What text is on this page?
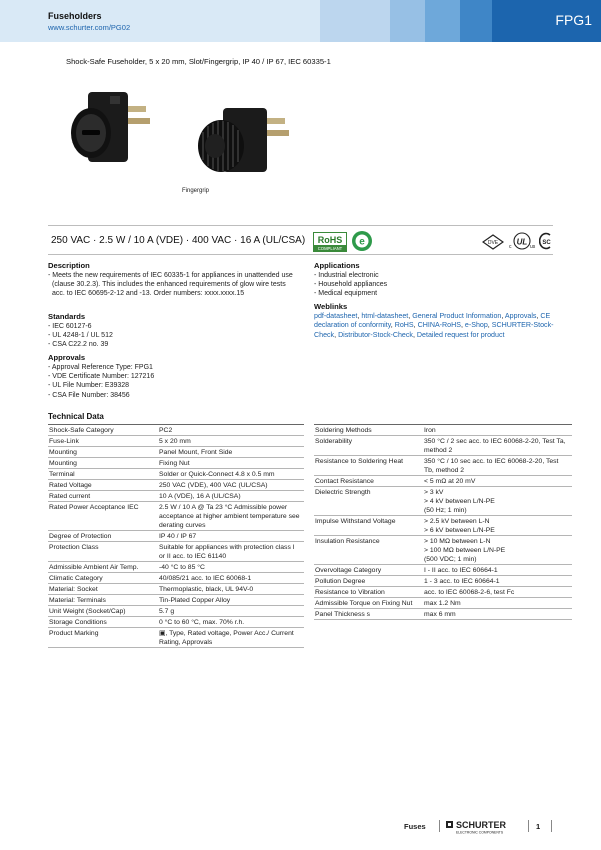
Fuseholders
www.schurter.com/PG02	FPG1
Shock-Safe Fuseholder, 5 x 20 mm, Slot/Fingergrip, IP 40 / IP 67, IEC 60335-1
Fingergrip
250 VAC · 2.5 W / 10 A (VDE) · 400 VAC · 16 A (UL/CSA) RoHS
COMPLIANT
e	DVE
c
UL
us
SC
Description
- Meets the new requirements of IEC 60335-1 for appliances in unattended use (clause 30.2.3). This includes the enhanced requirements of glow wire tests acc. to IEC 60695-2-12 and -13. Order numbers: xxxx.xxxx.15
Standards
- IEC 60127-6
- UL 4248-1 / UL 512
- CSA C22.2 no. 39
Approvals
- Approval Reference Type: FPG1
- VDE Certificate Number: 127216
- UL File Number: E39328
- CSA File Number: 38456
Applications
- Industrial electronic
- Household appliances
- Medical equipment
Weblinks
pdf-datasheet, html-datasheet, General Product Information, Approvals, CE declaration of conformity, RoHS, CHINA-RoHS, e-Shop, SCHURTER-Stock-Check, Distributor-Stock-Check, Detailed request for product
Technical Data
Shock-Safe Category	PC2
Fuse-Link	5 x 20 mm
Mounting	Panel Mount, Front Side
Mounting	Fixing Nut
Terminal	Solder or Quick-Connect 4.8 x 0.5 mm
Rated Voltage	250 VAC (VDE), 400 VAC (UL/CSA)
Rated current	10 A (VDE), 16 A (UL/CSA)
Rated Power Acceptance IEC	2.5 W / 10 A @ Ta 23 °C Admissible power acceptance at higher ambient temperature see derating curves
Degree of Protection	IP 40 / IP 67
Protection Class	Suitable for appliances with protection class I or II acc. to IEC 61140
Admissible Ambient Air Temp.	-40 °C to 85 °C
Climatic Category	40/085/21 acc. to IEC 60068-1
Material: Socket	Thermoplastic, black, UL 94V-0
Material: Terminals	Tin-Plated Copper Alloy
Unit Weight (Socket/Cap)	5.7 g
Storage Conditions	0 °C to 60 °C, max. 70% r.h.
Product Marking	▣, Type, Rated voltage, Power Acc./ Current Rating, Approvals
Soldering Methods	Iron
Solderability	350 °C / 2 sec acc. to IEC 60068-2-20, Test Ta, method 2
Resistance to Soldering Heat	350 °C / 10 sec acc. to IEC 60068-2-20, Test Tb, method 2
Contact Resistance	< 5 mΩ at 20 mV
Dielectric Strength	> 3 kV
> 4 kV between L/N-PE
(50 Hz; 1 min)
Impulse Withstand Voltage	> 2.5 kV between L-N
> 6 kV between L/N-PE
Insulation Resistance	> 10 MΩ between L-N
> 100 MΩ between L/N-PE
(500 VDC; 1 min)
Overvoltage Category	I - II acc. to IEC 60664-1
Pollution Degree	1 - 3 acc. to IEC 60664-1
Resistance to Vibration	acc. to IEC 60068-2-6, test Fc
Admissible Torque on Fixing Nut	max 1.2 Nm
Panel Thickness s	max 6 mm
Fuses	SCHURTER
ELECTRONIC COMPONENTS
1
